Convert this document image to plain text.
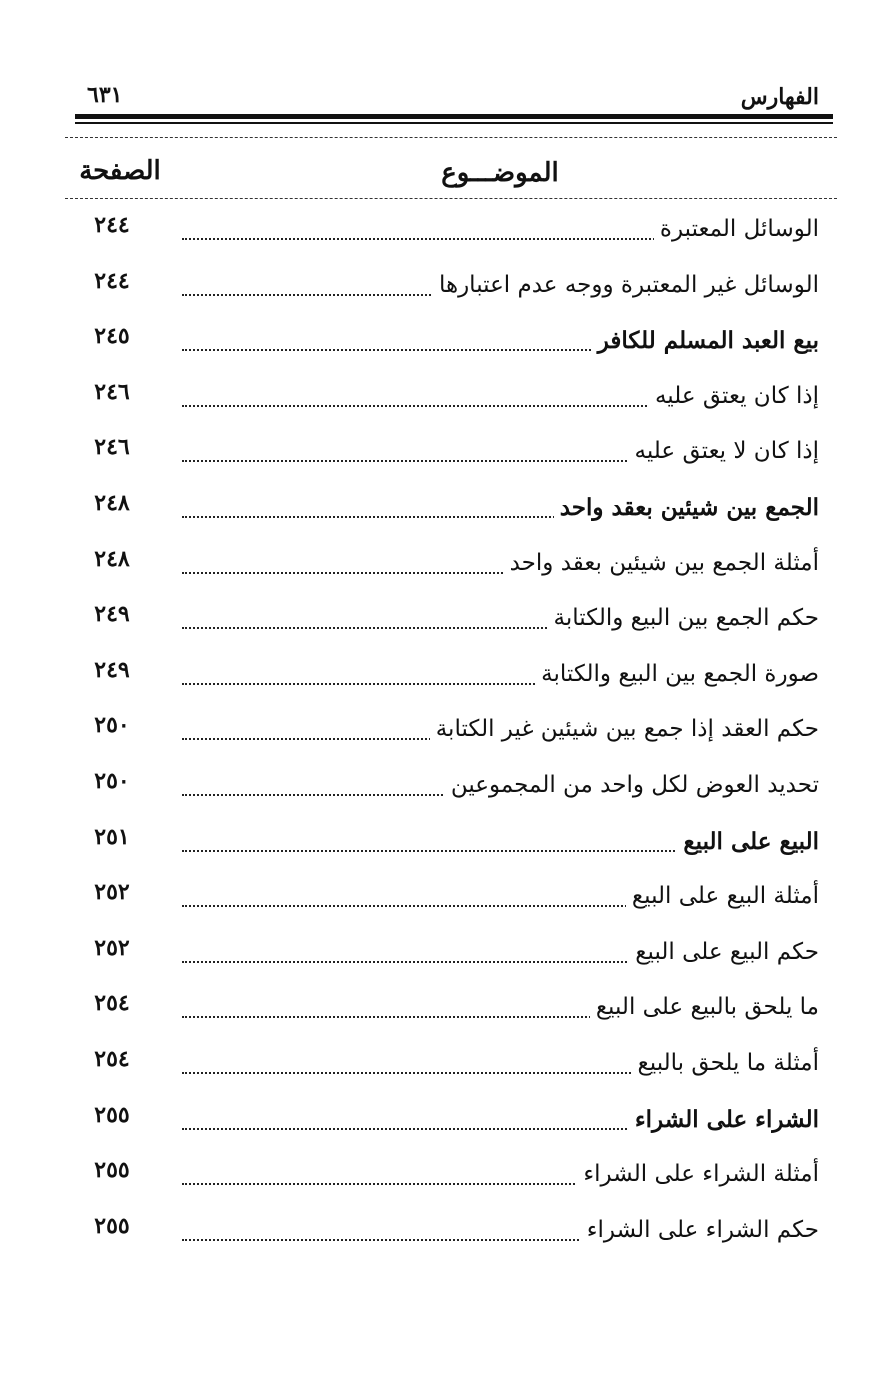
الفهارس
٦٣١
الموضـــوع
الصفحة
الوسائل المعتبرة
٢٤٤
الوسائل غير المعتبرة ووجه عدم اعتبارها
٢٤٤
بيع العبد المسلم للكافر
٢٤٥
إذا كان يعتق عليه
٢٤٦
إذا كان لا يعتق عليه
٢٤٦
الجمع بين شيئين بعقد واحد
٢٤٨
أمثلة الجمع بين شيئين بعقد واحد
٢٤٨
حكم الجمع بين البيع والكتابة
٢٤٩
صورة الجمع بين البيع والكتابة
٢٤٩
حكم العقد إذا جمع بين شيئين غير الكتابة
٢٥٠
تحديد العوض لكل واحد من المجموعين
٢٥٠
البيع على البيع
٢٥١
أمثلة البيع على البيع
٢٥٢
حكم البيع على البيع
٢٥٢
ما يلحق بالبيع على البيع
٢٥٤
أمثلة ما يلحق بالبيع
٢٥٤
الشراء على الشراء
٢٥٥
أمثلة الشراء على الشراء
٢٥٥
حكم الشراء على الشراء
٢٥٥
